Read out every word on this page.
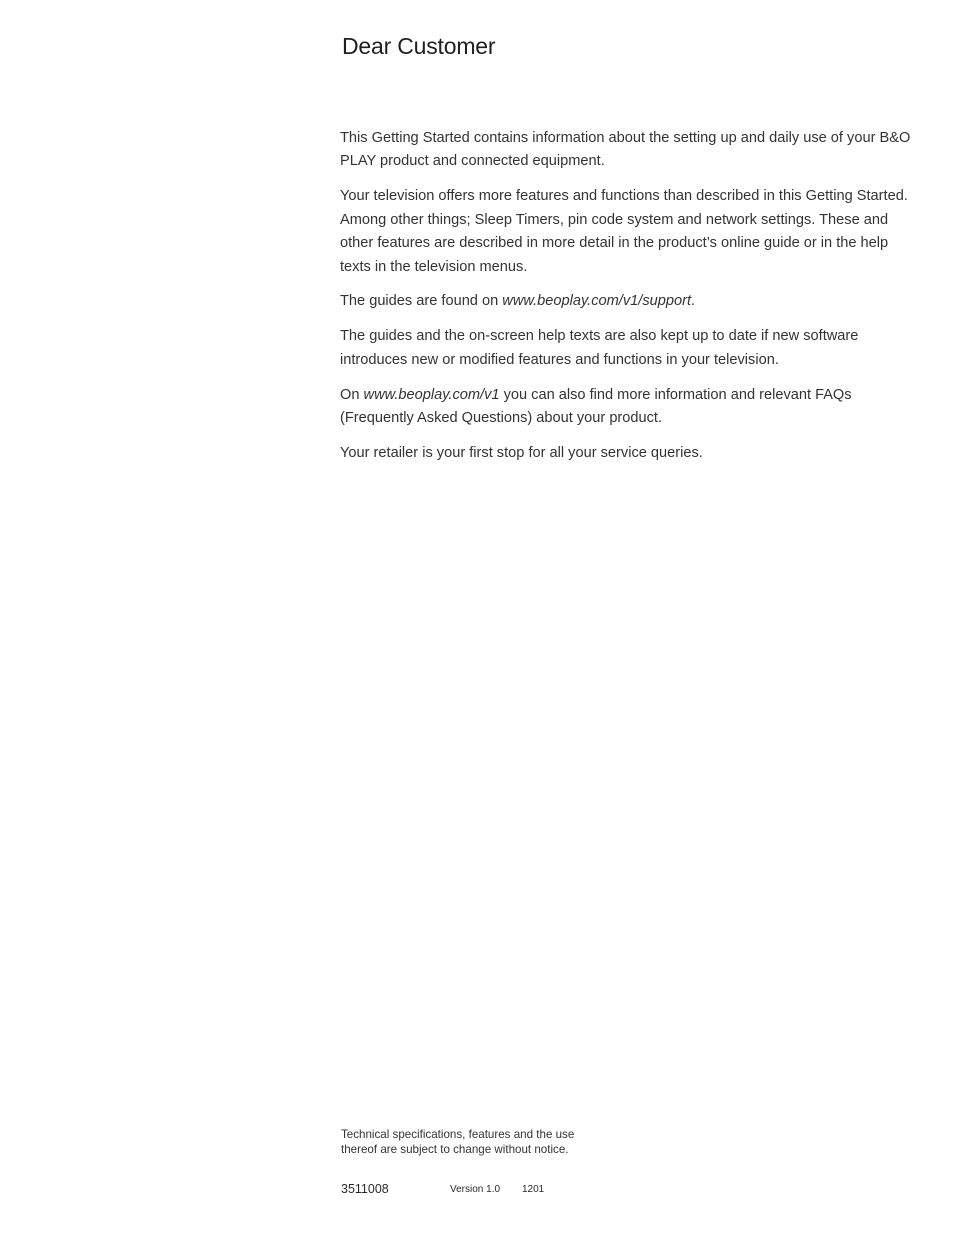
Dear Customer

This Getting Started contains information about the setting up and daily use of your B&O PLAY product and connected equipment.

Your television offers more features and functions than described in this Getting Started. Among other things; Sleep Timers, pin code system and network settings. These and other features are described in more detail in the product’s online guide or in the help texts in the television menus.

The guides are found on www.beoplay.com/v1/support.

The guides and the on-screen help texts are also kept up to date if new software introduces new or modified features and functions in your television.

On www.beoplay.com/v1 you can also find more information and relevant FAQs (Frequently Asked Questions) about your product.

Your retailer is your first stop for all your service queries.

Technical specifications, features and the use
thereof are subject to change without notice.
3511008	Version 1.0 1201
